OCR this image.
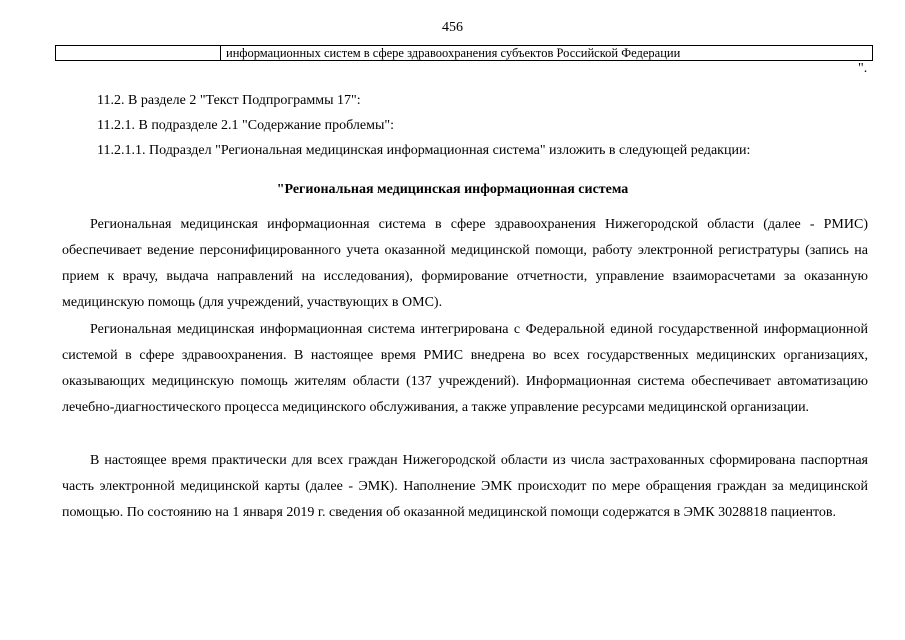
456
информационных систем в сфере здравоохранения субъектов Российской Федерации
".
11.2. В разделе 2 "Текст Подпрограммы 17":
11.2.1. В подразделе 2.1 "Содержание проблемы":
11.2.1.1. Подраздел "Региональная медицинская информационная система" изложить в следующей редакции:
"Региональная медицинская информационная система

Региональная медицинская информационная система в сфере здравоохранения Нижегородской области (далее - РМИС) обеспечивает ведение персонифицированного учета оказанной медицинской помощи, работу электронной регистратуры (запись на прием к врачу, выдача направлений на исследования), формирование отчетности, управление взаиморасчетами за оказанную медицинскую помощь (для учреждений, участвующих в ОМС).

Региональная медицинская информационная система интегрирована с Федеральной единой государственной информационной системой в сфере здравоохранения. В настоящее время РМИС внедрена во всех государственных медицинских организациях, оказывающих медицинскую помощь жителям области (137 учреждений). Информационная система обеспечивает автоматизацию лечебно-диагностического процесса медицинского обслуживания, а также управление ресурсами медицинской организации.

В настоящее время практически для всех граждан Нижегородской области из числа застрахованных сформирована паспортная часть электронной медицинской карты (далее - ЭМК). Наполнение ЭМК происходит по мере обращения граждан за медицинской помощью. По состоянию на 1 января 2019 г. сведения об оказанной медицинской помощи содержатся в ЭМК 3028818 пациентов.
